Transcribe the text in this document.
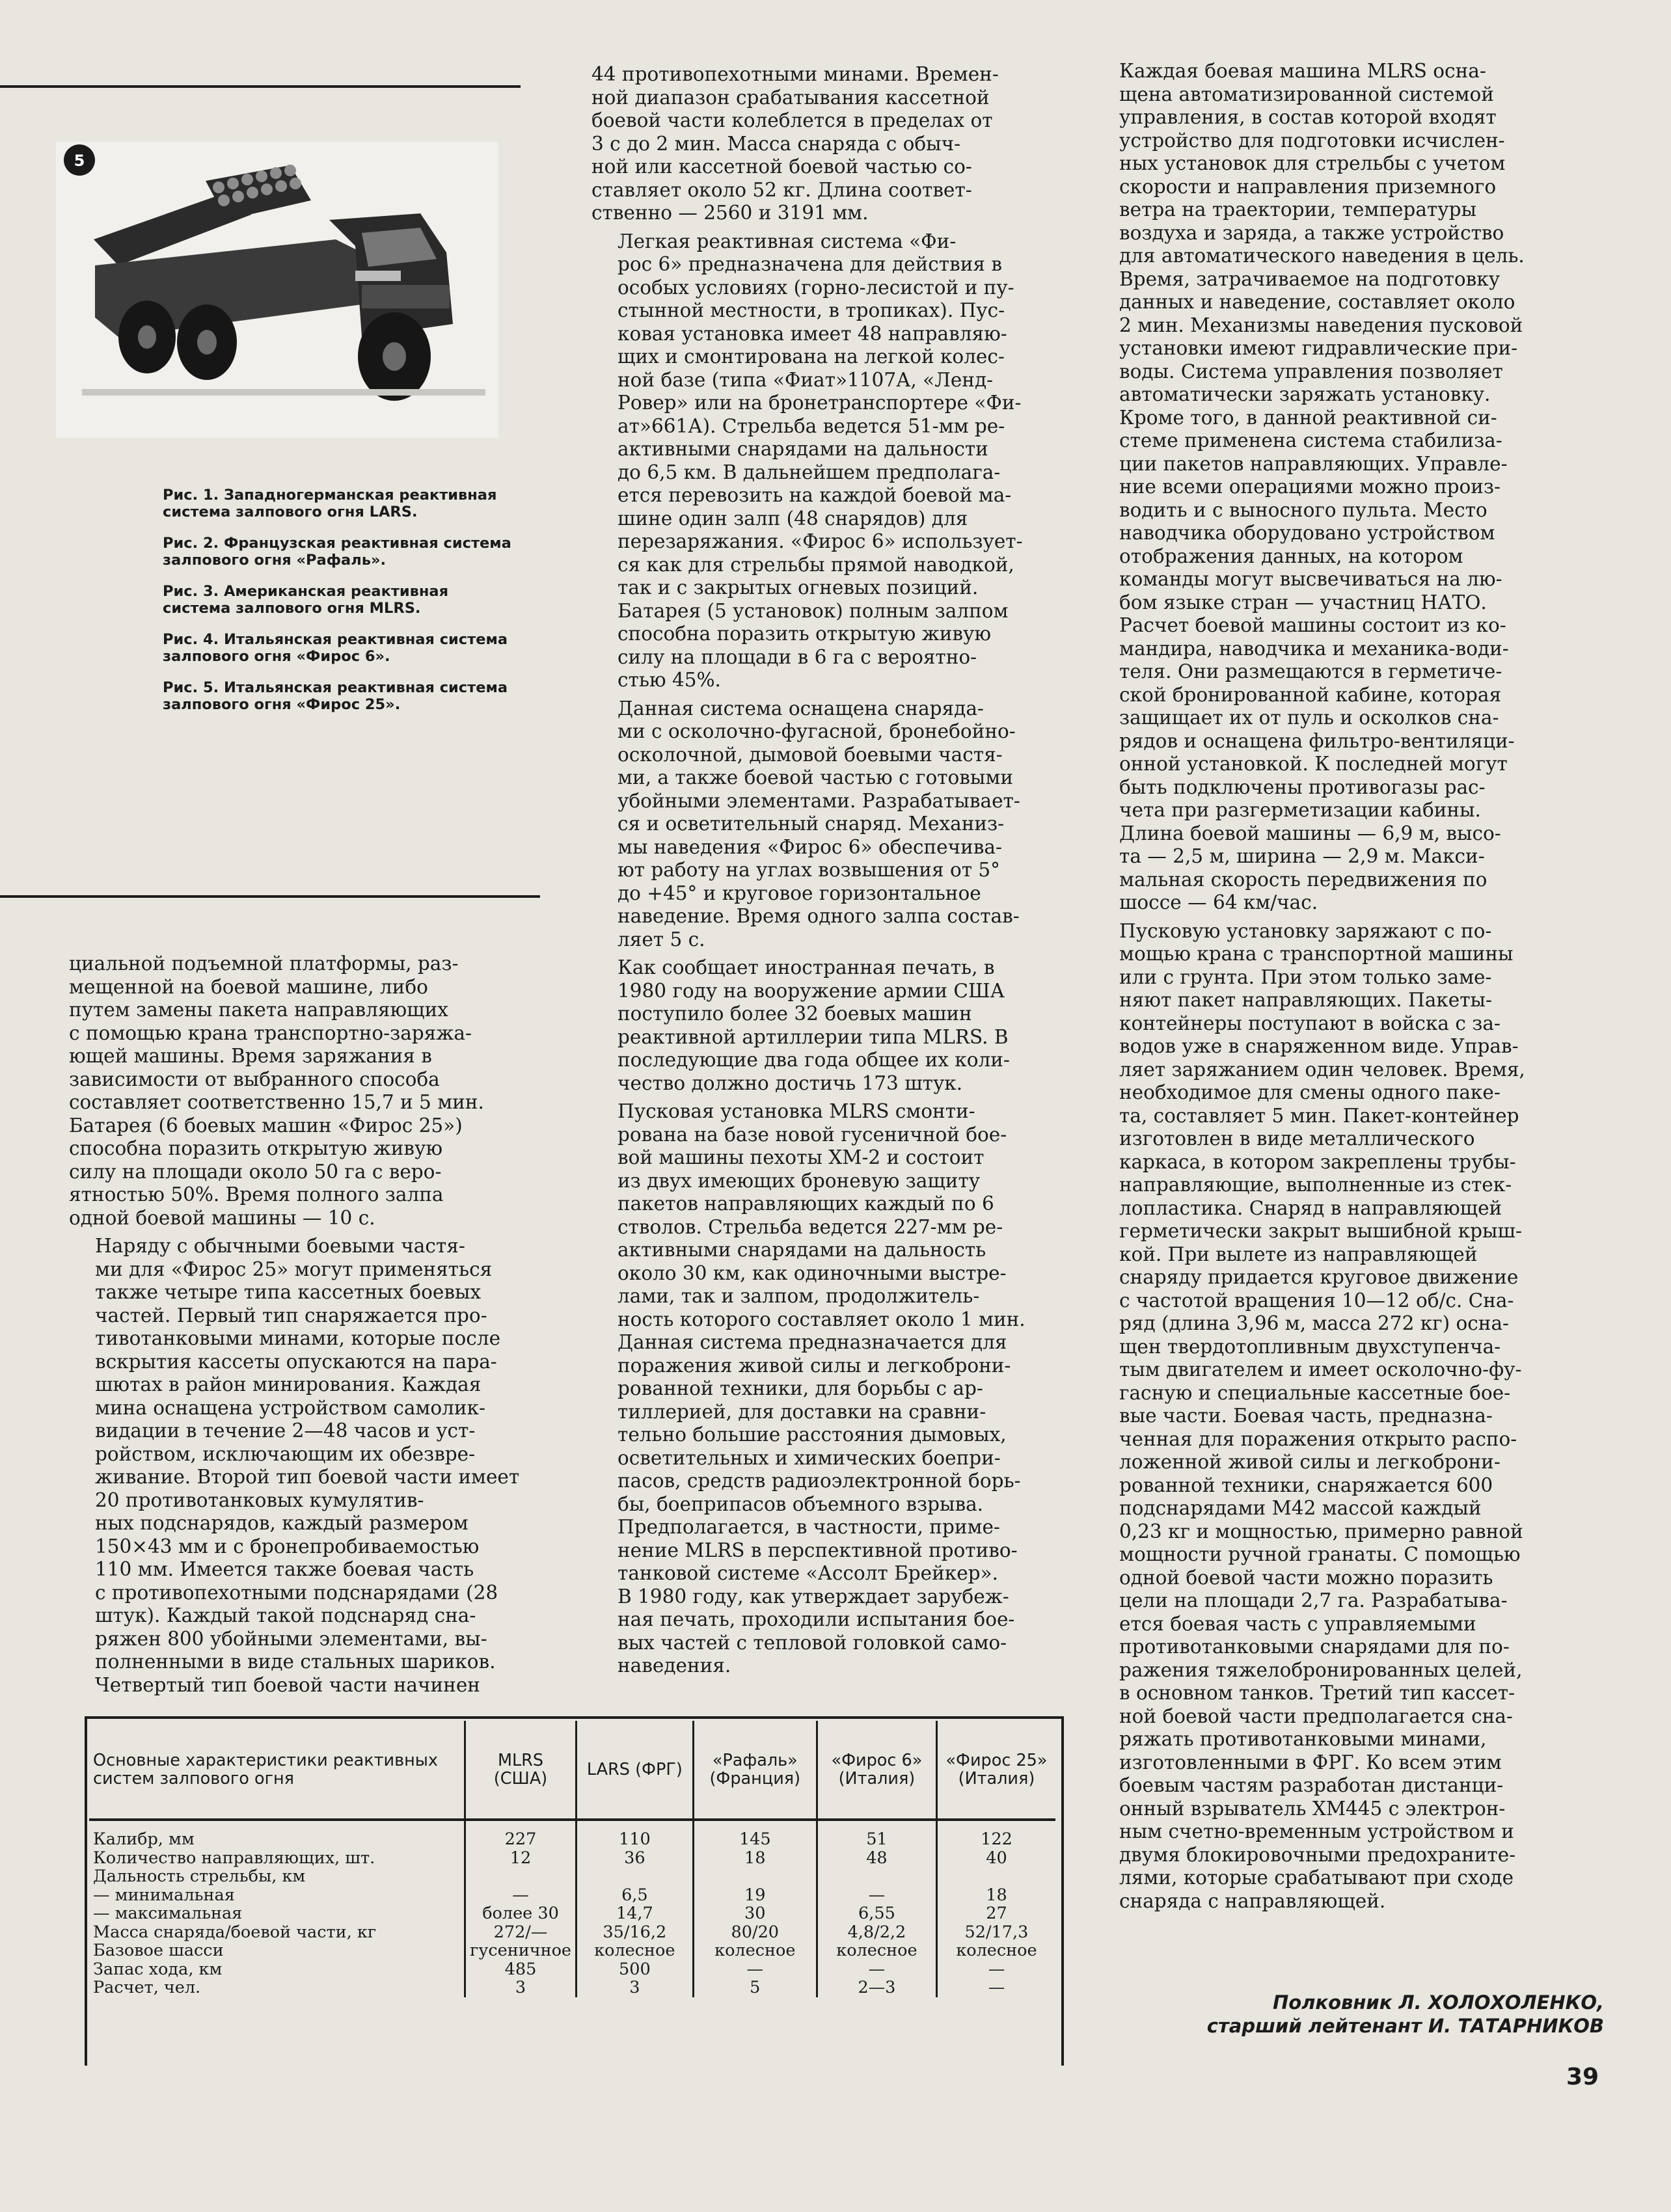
5

Рис. 1. Западногерманская реактивная система залпового огня LARS.

Рис. 2. Французская реактивная система залпового огня «Рафаль».

Рис. 3. Американская реактивная система залпового огня MLRS.

Рис. 4. Итальянская реактивная система залпового огня «Фирос 6».

Рис. 5. Итальянская реактивная система залпового огня «Фирос 25».

циальной подъемной платформы, раз-
мещенной на боевой машине, либо
путем замены пакета направляющих
с помощью крана транспортно-заряжа-
ющей машины. Время заряжания в
зависимости от выбранного способа
составляет соответственно 15,7 и 5 мин.
Батарея (6 боевых машин «Фирос 25»)
способна поразить открытую живую
силу на площади около 50 га с веро-
ятностью 50%. Время полного залпа
одной боевой машины — 10 с.

Наряду с обычными боевыми частя-
ми для «Фирос 25» могут применяться
также четыре типа кассетных боевых
частей. Первый тип снаряжается про-
тивотанковыми минами, которые после
вскрытия кассеты опускаются на пара-
шютах в район минирования. Каждая
мина оснащена устройством самолик-
видации в течение 2—48 часов и уст-
ройством, исключающим их обезвре-
живание. Второй тип боевой части имеет
20 противотанковых кумулятив-
ных подснарядов, каждый размером
150×43 мм и с бронепробиваемостью
110 мм. Имеется также боевая часть
с противопехотными подснарядами (28
штук). Каждый такой подснаряд сна-
ряжен 800 убойными элементами, вы-
полненными в виде стальных шариков.
Четвертый тип боевой части начинен

44 противопехотными минами. Времен-
ной диапазон срабатывания кассетной
боевой части колеблется в пределах от
3 с до 2 мин. Масса снаряда с обыч-
ной или кассетной боевой частью со-
ставляет около 52 кг. Длина соответ-
ственно — 2560 и 3191 мм.

Легкая реактивная система «Фи-
рос 6» предназначена для действия в
особых условиях (горно-лесистой и пу-
стынной местности, в тропиках). Пус-
ковая установка имеет 48 направляю-
щих и смонтирована на легкой колес-
ной базе (типа «Фиат»1107А, «Ленд-
Ровер» или на бронетранспортере «Фи-
ат»661А). Стрельба ведется 51-мм ре-
активными снарядами на дальности
до 6,5 км. В дальнейшем предполага-
ется перевозить на каждой боевой ма-
шине один залп (48 снарядов) для
перезаряжания. «Фирос 6» использует-
ся как для стрельбы прямой наводкой,
так и с закрытых огневых позиций.
Батарея (5 установок) полным залпом
способна поразить открытую живую
силу на площади в 6 га с вероятно-
стью 45%.

Данная система оснащена снаряда-
ми с осколочно-фугасной, бронебойно-
осколочной, дымовой боевыми частя-
ми, а также боевой частью с готовыми
убойными элементами. Разрабатывает-
ся и осветительный снаряд. Механиз-
мы наведения «Фирос 6» обеспечива-
ют работу на углах возвышения от 5°
до +45° и круговое горизонтальное
наведение. Время одного залпа состав-
ляет 5 с.

Как сообщает иностранная печать, в
1980 году на вооружение армии США
поступило более 32 боевых машин
реактивной артиллерии типа MLRS. В
последующие два года общее их коли-
чество должно достичь 173 штук.

Пусковая установка MLRS смонти-
рована на базе новой гусеничной бое-
вой машины пехоты ХМ-2 и состоит
из двух имеющих броневую защиту
пакетов направляющих каждый по 6
стволов. Стрельба ведется 227-мм ре-
активными снарядами на дальность
около 30 км, как одиночными выстре-
лами, так и залпом, продолжитель-
ность которого составляет около 1 мин.
Данная система предназначается для
поражения живой силы и легкоброни-
рованной техники, для борьбы с ар-
тиллерией, для доставки на сравни-
тельно большие расстояния дымовых,
осветительных и химических боепри-
пасов, средств радиоэлектронной борь-
бы, боеприпасов объемного взрыва.
Предполагается, в частности, приме-
нение MLRS в перспективной противо-
танковой системе «Ассолт Брейкер».
В 1980 году, как утверждает зарубеж-
ная печать, проходили испытания бое-
вых частей с тепловой головкой само-
наведения.

Каждая боевая машина MLRS осна-
щена автоматизированной системой
управления, в состав которой входят
устройство для подготовки исчислен-
ных установок для стрельбы с учетом
скорости и направления приземного
ветра на траектории, температуры
воздуха и заряда, а также устройство
для автоматического наведения в цель.
Время, затрачиваемое на подготовку
данных и наведение, составляет около
2 мин. Механизмы наведения пусковой
установки имеют гидравлические при-
воды. Система управления позволяет
автоматически заряжать установку.
Кроме того, в данной реактивной си-
стеме применена система стабилиза-
ции пакетов направляющих. Управле-
ние всеми операциями можно произ-
водить и с выносного пульта. Место
наводчика оборудовано устройством
отображения данных, на котором
команды могут высвечиваться на лю-
бом языке стран — участниц НАТО.
Расчет боевой машины состоит из ко-
мандира, наводчика и механика-води-
теля. Они размещаются в герметиче-
ской бронированной кабине, которая
защищает их от пуль и осколков сна-
рядов и оснащена фильтро-вентиляци-
онной установкой. К последней могут
быть подключены противогазы рас-
чета при разгерметизации кабины.
Длина боевой машины — 6,9 м, высо-
та — 2,5 м, ширина — 2,9 м. Макси-
мальная скорость передвижения по
шоссе — 64 км/час.

Пусковую установку заряжают с по-
мощью крана с транспортной машины
или с грунта. При этом только заме-
няют пакет направляющих. Пакеты-
контейнеры поступают в войска с за-
водов уже в снаряженном виде. Управ-
ляет заряжанием один человек. Время,
необходимое для смены одного паке-
та, составляет 5 мин. Пакет-контейнер
изготовлен в виде металлического
каркаса, в котором закреплены трубы-
направляющие, выполненные из стек-
лопластика. Снаряд в направляющей
герметически закрыт вышибной крыш-
кой. При вылете из направляющей
снаряду придается круговое движение
с частотой вращения 10—12 об/с. Сна-
ряд (длина 3,96 м, масса 272 кг) осна-
щен твердотопливным двухступенча-
тым двигателем и имеет осколочно-фу-
гасную и специальные кассетные бое-
вые части. Боевая часть, предназна-
ченная для поражения открыто распо-
ложенной живой силы и легкоброни-
рованной техники, снаряжается 600
подснарядами М42 массой каждый
0,23 кг и мощностью, примерно равной
мощности ручной гранаты. С помощью
одной боевой части можно поразить
цели на площади 2,7 га. Разрабатыва-
ется боевая часть с управляемыми
противотанковыми снарядами для по-
ражения тяжелобронированных целей,
в основном танков. Третий тип кассет-
ной боевой части предполагается сна-
ряжать противотанковыми минами,
изготовленными в ФРГ. Ко всем этим
боевым частям разработан дистанци-
онный взрыватель ХМ445 с электрон-
ным счетно-временным устройством и
двумя блокировочными предохраните-
лями, которые срабатывают при сходе
снаряда с направляющей.

Основные характеристики реактивных систем залпового огня	MLRS (США)	LARS (ФРГ)	«Рафаль» (Франция)	«Фирос 6» (Италия)	«Фирос 25» (Италия)
Калибр, мм	227	110	145	51	122
Количество направляющих, шт.	12	36	18	48	40
Дальность стрельбы, км					
— минимальная	—	6,5	19	—	18
— максимальная	более 30	14,7	30	6,55	27
Масса снаряда/боевой части, кг	272/—	35/16,2	80/20	4,8/2,2	52/17,3
Базовое шасси	гусеничное	колесное	колесное	колесное	колесное
Запас хода, км	485	500	—	—	—
Расчет, чел.	3	3	5	2—3	—
Полковник Л. ХОЛОХОЛЕНКО,
старший лейтенант И. ТАТАРНИКОВ
39
